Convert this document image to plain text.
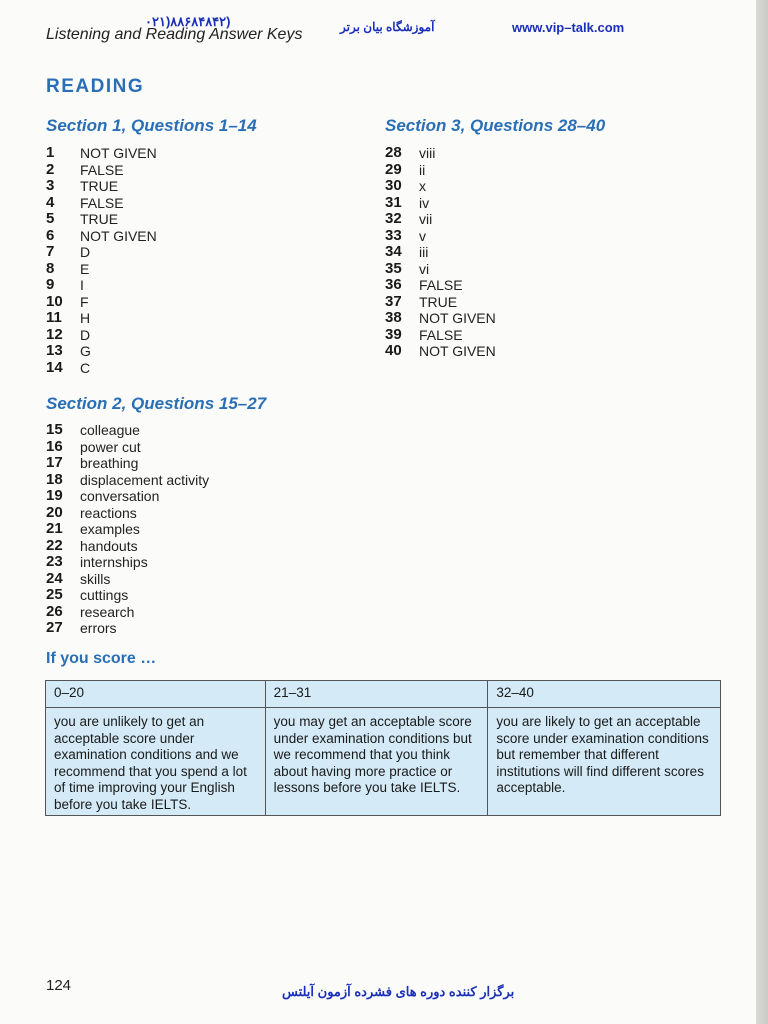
Listening and Reading Answer Keys
۰۲۱)۸۸۶۸۴۸۴۲)	آموزشگاه بیان برتر	www.vip–talk.com
READING
Section 1, Questions 1–14
1	NOT GIVEN
2	FALSE
3	TRUE
4	FALSE
5	TRUE
6	NOT GIVEN
7	D
8	E
9	I
10	F
11	H
12	D
13	G
14	C
Section 3, Questions 28–40
28	viii
29	ii
30	x
31	iv
32	vii
33	v
34	iii
35	vi
36	FALSE
37	TRUE
38	NOT GIVEN
39	FALSE
40	NOT GIVEN
Section 2, Questions 15–27
15	colleague
16	power cut
17	breathing
18	displacement activity
19	conversation
20	reactions
21	examples
22	handouts
23	internships
24	skills
25	cuttings
26	research
27	errors
If you score …
0–20	21–31	32–40
you are unlikely to get an acceptable score under examination conditions and we recommend that you spend a lot of time improving your English before you take IELTS.	you may get an acceptable score under examination conditions but we recommend that you think about having more practice or lessons before you take IELTS.	you are likely to get an acceptable score under examination conditions but remember that different institutions will find different scores acceptable.
124	برگزار کننده دوره های فشرده آزمون آیلتس
